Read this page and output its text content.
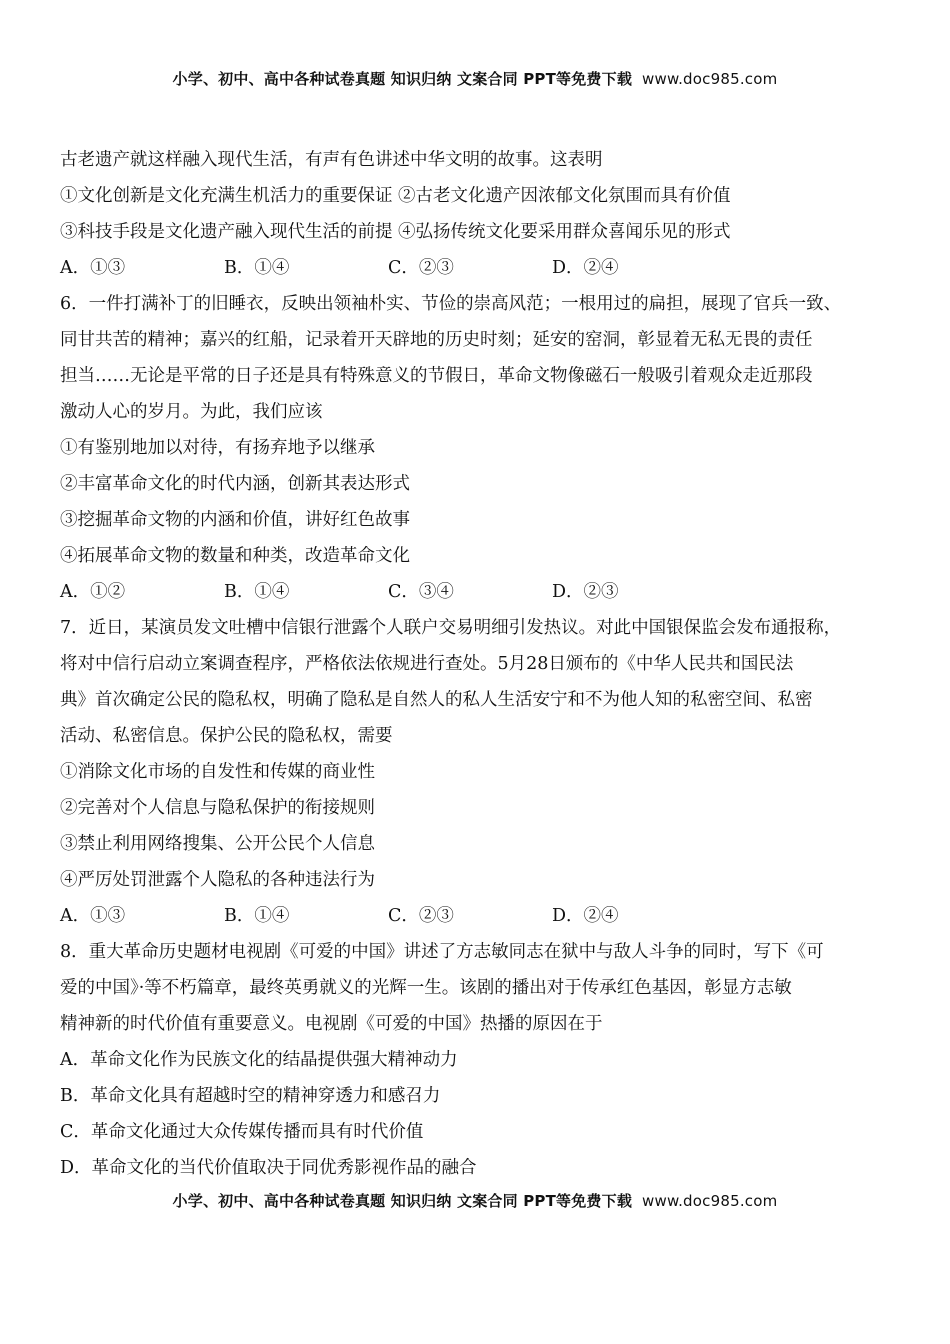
小学、初中、高中各种试卷真题 知识归纳 文案合同 PPT等免费下载 www.doc985.com
古老遗产就这样融入现代生活，有声有色讲述中华文明的故事。这表明
①文化创新是文化充满生机活力的重要保证 ②古老文化遗产因浓郁文化氛围而具有价值
③科技手段是文化遗产融入现代生活的前提 ④弘扬传统文化要采用群众喜闻乐见的形式
A．①③	B．①④	C．②③	D．②④
6．一件打满补丁的旧睡衣，反映出领袖朴实、节俭的崇高风范；一根用过的扁担，展现了官兵一致、
同甘共苦的精神；嘉兴的红船，记录着开天辟地的历史时刻；延安的窑洞，彰显着无私无畏的责任
担当……无论是平常的日子还是具有特殊意义的节假日，革命文物像磁石一般吸引着观众走近那段
激动人心的岁月。为此，我们应该
①有鉴别地加以对待，有扬弃地予以继承
②丰富革命文化的时代内涵，创新其表达形式
③挖掘革命文物的内涵和价值，讲好红色故事
④拓展革命文物的数量和种类，改造革命文化
A．①②	B．①④	C．③④	D．②③
7．近日，某演员发文吐槽中信银行泄露个人联户交易明细引发热议。对此中国银保监会发布通报称，
将对中信行启动立案调查程序，严格依法依规进行查处。5月28日颁布的《中华人民共和国民法
典》首次确定公民的隐私权，明确了隐私是自然人的私人生活安宁和不为他人知的私密空间、私密
活动、私密信息。保护公民的隐私权，需要
①消除文化市场的自发性和传媒的商业性
②完善对个人信息与隐私保护的衔接规则
③禁止利用网络搜集、公开公民个人信息
④严厉处罚泄露个人隐私的各种违法行为
A．①③	B．①④	C．②③	D．②④
8．重大革命历史题材电视剧《可爱的中国》讲述了方志敏同志在狱中与敌人斗争的同时，写下《可
爱的中国》·等不朽篇章，最终英勇就义的光辉一生。该剧的播出对于传承红色基因，彰显方志敏
精神新的时代价值有重要意义。电视剧《可爱的中国》热播的原因在于
A．革命文化作为民族文化的结晶提供强大精神动力
B．革命文化具有超越时空的精神穿透力和感召力
C．革命文化通过大众传媒传播而具有时代价值
D．革命文化的当代价值取决于同优秀影视作品的融合
小学、初中、高中各种试卷真题 知识归纳 文案合同 PPT等免费下载 www.doc985.com
